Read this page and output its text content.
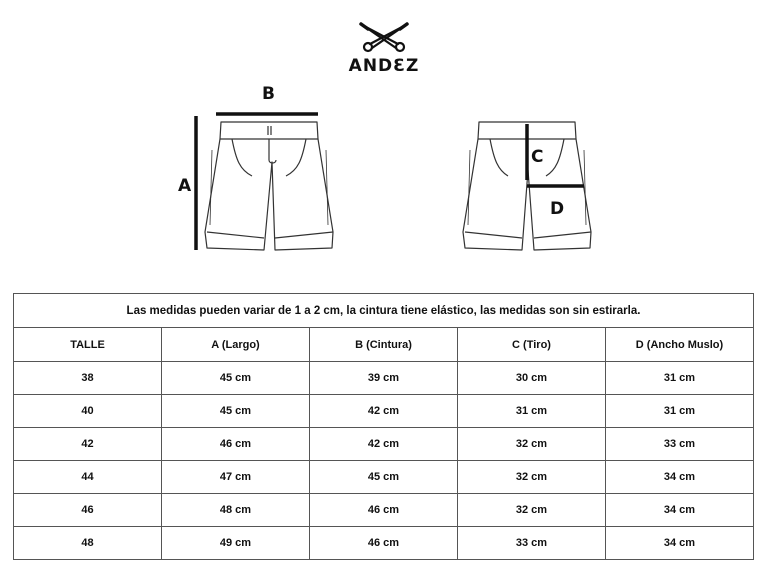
ANDƐZ
B
A
C
D
Las medidas pueden variar de 1 a 2 cm, la cintura tiene elástico, las medidas son sin estirarla.				
TALLE	A (Largo)	B (Cintura)	C (Tiro)	D (Ancho Muslo)
38	45 cm	39 cm	30 cm	31 cm
40	45 cm	42 cm	31 cm	31 cm
42	46 cm	42 cm	32 cm	33 cm
44	47 cm	45 cm	32 cm	34 cm
46	48 cm	46 cm	32 cm	34 cm
48	49 cm	46 cm	33 cm	34 cm
